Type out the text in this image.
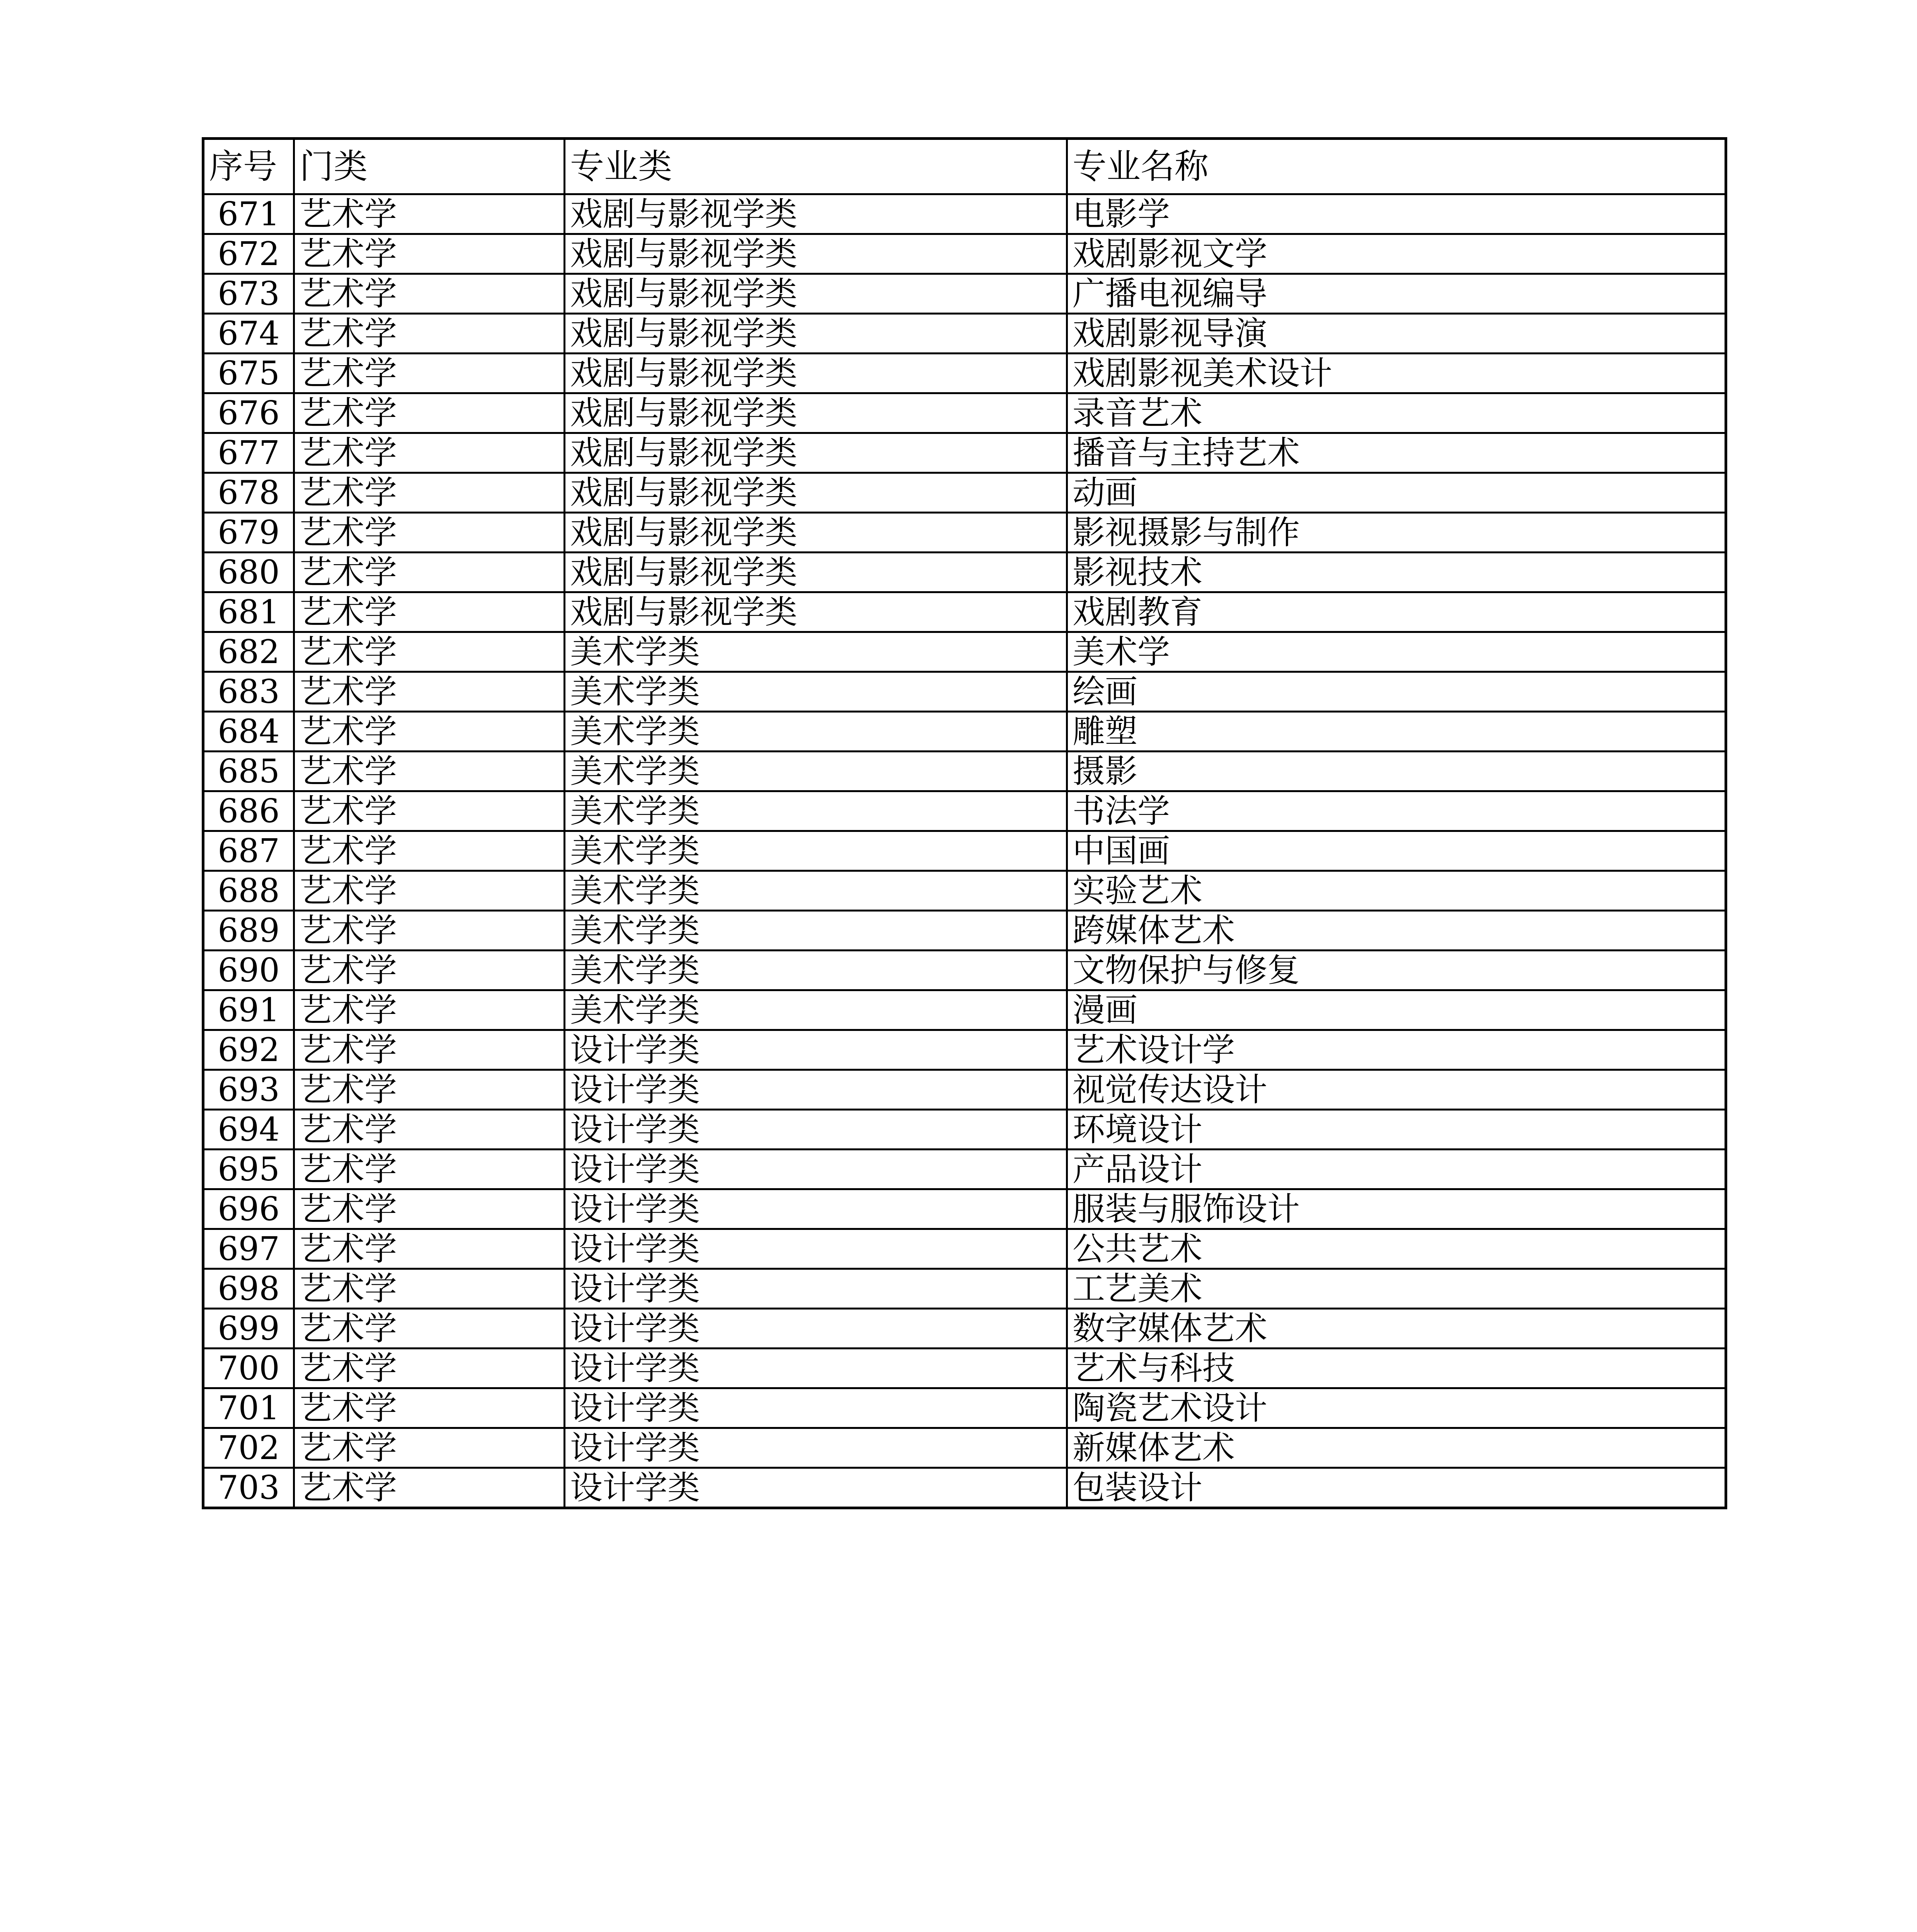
序号	门类	专业类	专业名称
671	艺术学	戏剧与影视学类	电影学
672	艺术学	戏剧与影视学类	戏剧影视文学
673	艺术学	戏剧与影视学类	广播电视编导
674	艺术学	戏剧与影视学类	戏剧影视导演
675	艺术学	戏剧与影视学类	戏剧影视美术设计
676	艺术学	戏剧与影视学类	录音艺术
677	艺术学	戏剧与影视学类	播音与主持艺术
678	艺术学	戏剧与影视学类	动画
679	艺术学	戏剧与影视学类	影视摄影与制作
680	艺术学	戏剧与影视学类	影视技术
681	艺术学	戏剧与影视学类	戏剧教育
682	艺术学	美术学类	美术学
683	艺术学	美术学类	绘画
684	艺术学	美术学类	雕塑
685	艺术学	美术学类	摄影
686	艺术学	美术学类	书法学
687	艺术学	美术学类	中国画
688	艺术学	美术学类	实验艺术
689	艺术学	美术学类	跨媒体艺术
690	艺术学	美术学类	文物保护与修复
691	艺术学	美术学类	漫画
692	艺术学	设计学类	艺术设计学
693	艺术学	设计学类	视觉传达设计
694	艺术学	设计学类	环境设计
695	艺术学	设计学类	产品设计
696	艺术学	设计学类	服装与服饰设计
697	艺术学	设计学类	公共艺术
698	艺术学	设计学类	工艺美术
699	艺术学	设计学类	数字媒体艺术
700	艺术学	设计学类	艺术与科技
701	艺术学	设计学类	陶瓷艺术设计
702	艺术学	设计学类	新媒体艺术
703	艺术学	设计学类	包装设计
